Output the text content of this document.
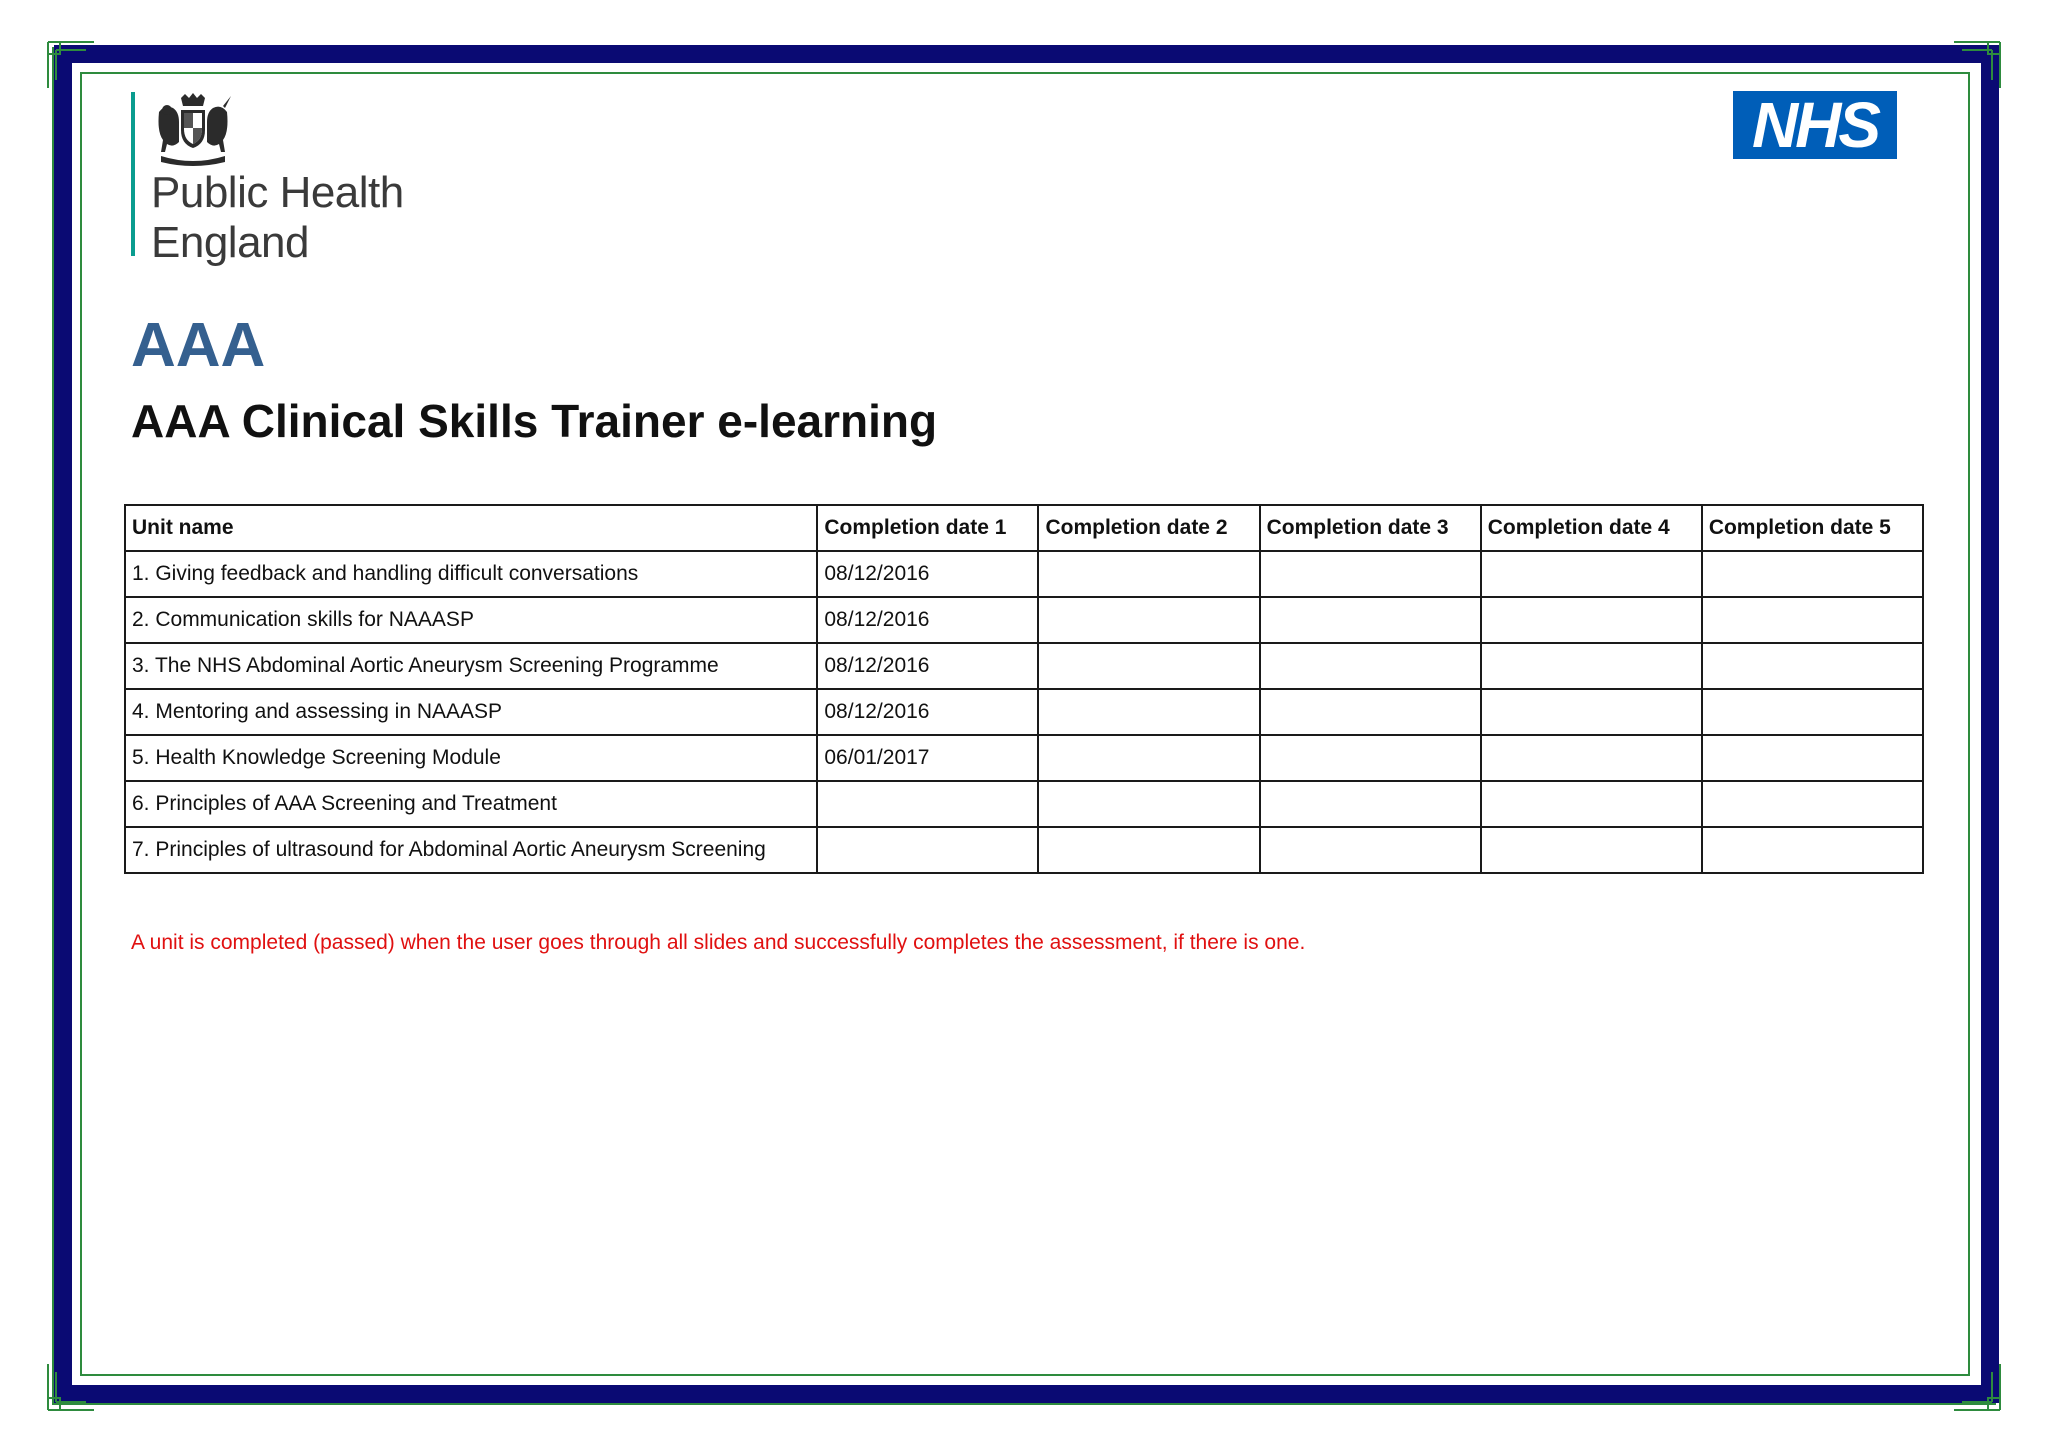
Public Health
England
NHS
AAA
AAA Clinical Skills Trainer e-learning
Unit name	Completion date 1	Completion date 2	Completion date 3	Completion date 4	Completion date 5
1. Giving feedback and handling difficult conversations	08/12/2016				
2. Communication skills for NAAASP	08/12/2016				
3. The NHS Abdominal Aortic Aneurysm Screening Programme	08/12/2016				
4. Mentoring and assessing in NAAASP	08/12/2016				
5. Health Knowledge Screening Module	06/01/2017				
6. Principles of AAA Screening and Treatment					
7. Principles of ultrasound for Abdominal Aortic Aneurysm Screening					

A unit is completed (passed) when the user goes through all slides and successfully completes the assessment, if there is one.
